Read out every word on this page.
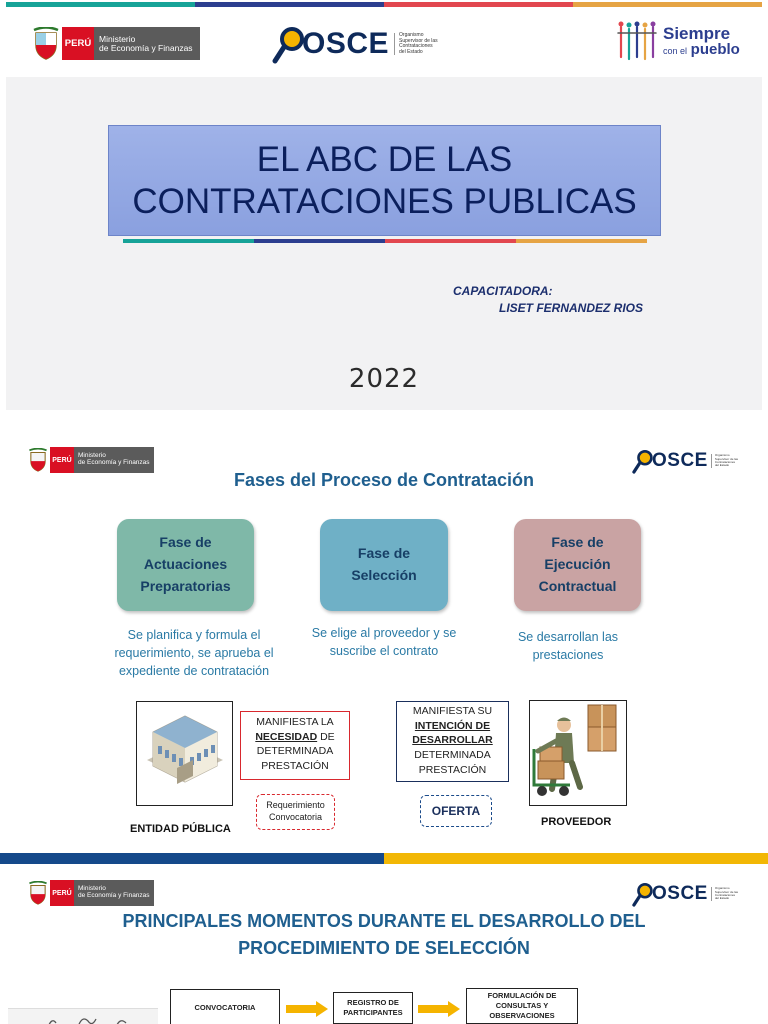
PERÚ Ministerio
de Economía y Finanzas	OSCE Organismo
Supervisor de las
Contrataciones
del Estado
Siempre
con el pueblo
EL ABC DE LAS
CONTRATACIONES PUBLICAS
CAPACITADORA:
LISET FERNANDEZ RIOS
2022
PERÚ
Ministerio
de Economía y Finanzas	OSCE Organismo
Supervisor de las
Contrataciones
del Estado
Fases del Proceso de Contratación
Fase de Actuaciones Preparatorias
Fase de Selección
Fase de Ejecución Contractual
Se planifica y formula el requerimiento, se aprueba el expediente de contratación
Se elige al proveedor y se suscribe el contrato
Se desarrollan las prestaciones
MANIFIESTA LA
NECESIDAD DE
DETERMINADA
PRESTACIÓN
Requerimiento
Convocatoria
ENTIDAD PÚBLICA
MANIFIESTA SU
INTENCIÓN DE
DESARROLLAR
DETERMINADA
PRESTACIÓN
OFERTA
PROVEEDOR
PERÚ
Ministerio
de Economía y Finanzas	OSCE Organismo
Supervisor de las
Contrataciones
del Estado
PRINCIPALES MOMENTOS DURANTE EL DESARROLLO DEL
PROCEDIMIENTO DE SELECCIÓN
CONVOCATORIA	REGISTRO DE
PARTICIPANTES
FORMULACIÓN DE
CONSULTAS Y
OBSERVACIONES
